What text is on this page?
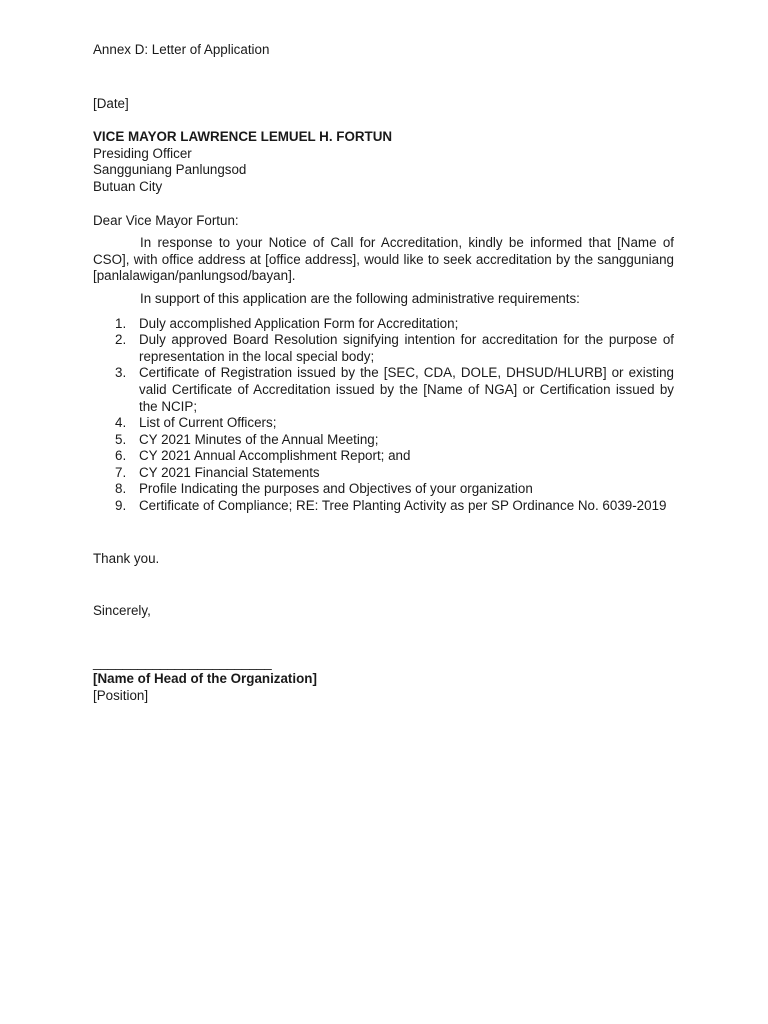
Annex D: Letter of Application
[Date]
VICE MAYOR LAWRENCE LEMUEL H. FORTUN
Presiding Officer
Sangguniang Panlungsod
Butuan City
Dear Vice Mayor Fortun:
In response to your Notice of Call for Accreditation, kindly be informed that [Name of CSO], with office address at [office address], would like to seek accreditation by the sangguniang [panlalawigan/panlungsod/bayan].
In support of this application are the following administrative requirements:
1. Duly accomplished Application Form for Accreditation;
2. Duly approved Board Resolution signifying intention for accreditation for the purpose of representation in the local special body;
3. Certificate of Registration issued by the [SEC, CDA, DOLE, DHSUD/HLURB] or existing valid Certificate of Accreditation issued by the [Name of NGA] or Certification issued by the NCIP;
4. List of Current Officers;
5. CY 2021 Minutes of the Annual Meeting;
6. CY 2021 Annual Accomplishment Report; and
7. CY 2021 Financial Statements
8. Profile Indicating the purposes and Objectives of your organization
9. Certificate of Compliance; RE: Tree Planting Activity as per SP Ordinance No. 6039-2019
Thank you.
Sincerely,
________________________
[Name of Head of the Organization]
[Position]
